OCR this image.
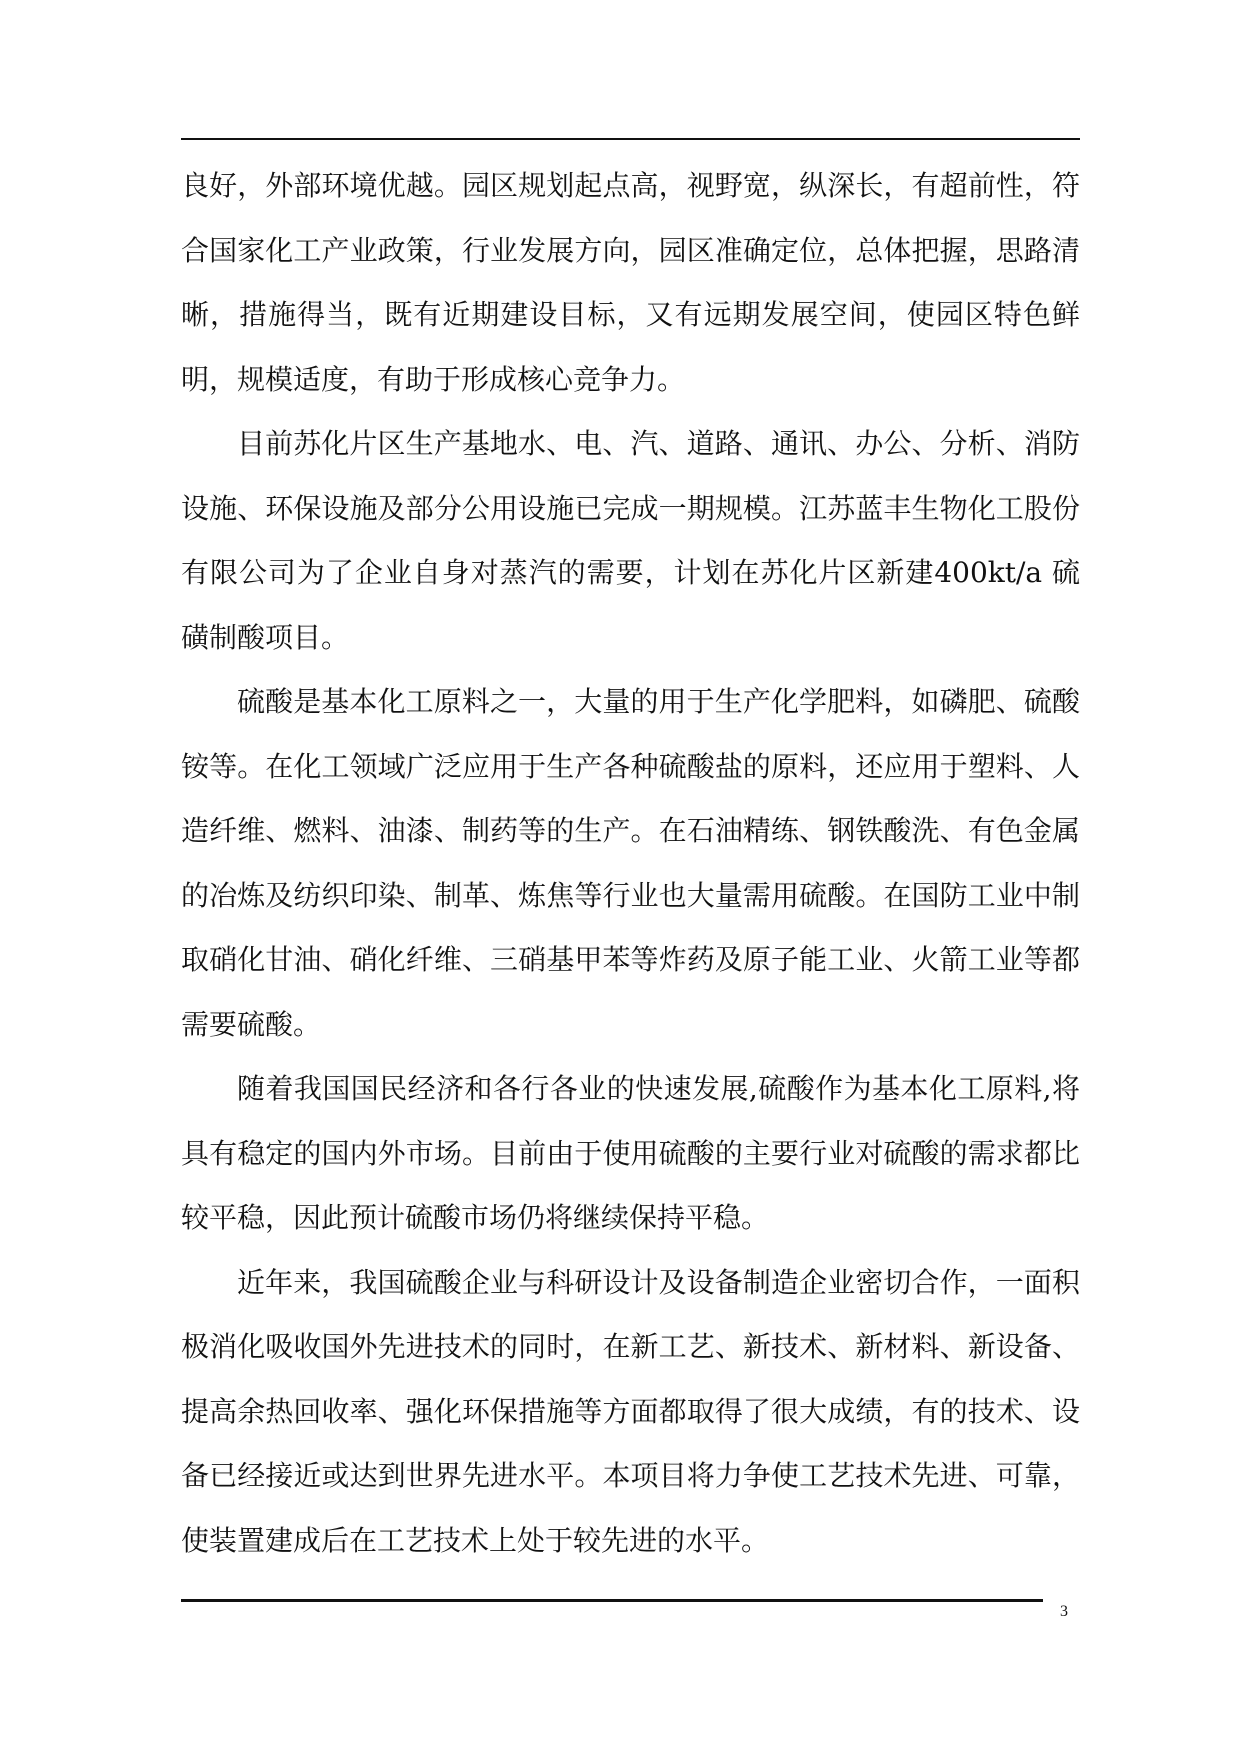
良好，外部环境优越。园区规划起点高，视野宽，纵深长，有超前性，符合国家化工产业政策，行业发展方向，园区准确定位，总体把握，思路清晰，措施得当，既有近期建设目标，又有远期发展空间，使园区特色鲜明，规模适度，有助于形成核心竞争力。

目前苏化片区生产基地水、电、汽、道路、通讯、办公、分析、消防设施、环保设施及部分公用设施已完成一期规模。江苏蓝丰生物化工股份有限公司为了企业自身对蒸汽的需要，计划在苏化片区新建400kt/a 硫磺制酸项目。

硫酸是基本化工原料之一，大量的用于生产化学肥料，如磷肥、硫酸铵等。在化工领域广泛应用于生产各种硫酸盐的原料，还应用于塑料、人造纤维、燃料、油漆、制药等的生产。在石油精练、钢铁酸洗、有色金属的冶炼及纺织印染、制革、炼焦等行业也大量需用硫酸。在国防工业中制取硝化甘油、硝化纤维、三硝基甲苯等炸药及原子能工业、火箭工业等都需要硫酸。

随着我国国民经济和各行各业的快速发展,硫酸作为基本化工原料,将具有稳定的国内外市场。目前由于使用硫酸的主要行业对硫酸的需求都比较平稳，因此预计硫酸市场仍将继续保持平稳。

近年来，我国硫酸企业与科研设计及设备制造企业密切合作，一面积极消化吸收国外先进技术的同时，在新工艺、新技术、新材料、新设备、提高余热回收率、强化环保措施等方面都取得了很大成绩，有的技术、设备已经接近或达到世界先进水平。本项目将力争使工艺技术先进、可靠，使装置建成后在工艺技术上处于较先进的水平。

3
